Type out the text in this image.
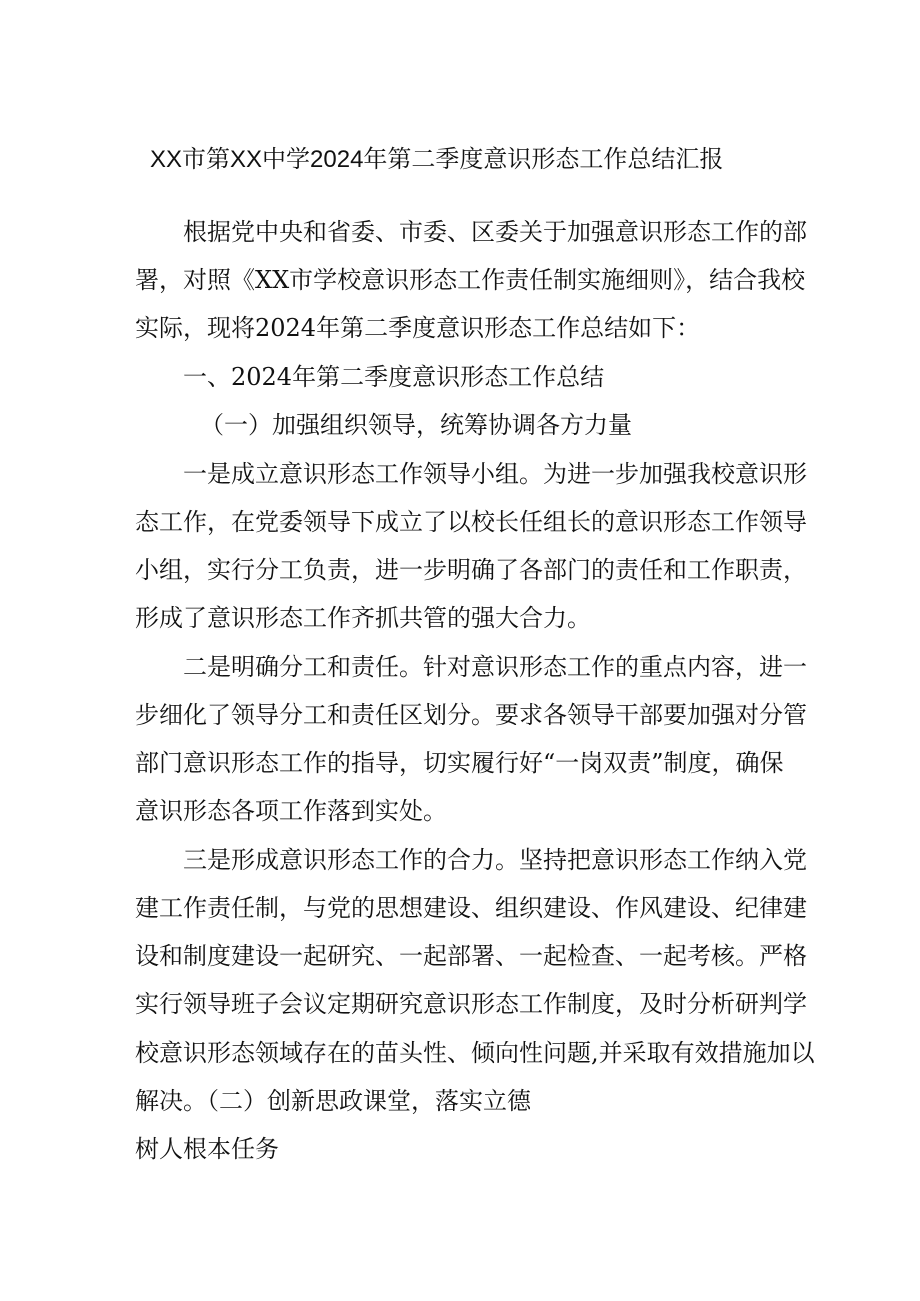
XX市第XX中学2024年第二季度意识形态工作总结汇报
根据党中央和省委、市委、区委关于加强意识形态工作的部
署，对照《XX市学校意识形态工作责任制实施细则》，结合我校
实际，现将2024年第二季度意识形态工作总结如下：
一、2024年第二季度意识形态工作总结
（一）加强组织领导，统筹协调各方力量
一是成立意识形态工作领导小组。为进一步加强我校意识形
态工作，在党委领导下成立了以校长任组长的意识形态工作领导
小组，实行分工负责，进一步明确了各部门的责任和工作职责，
形成了意识形态工作齐抓共管的强大合力。
二是明确分工和责任。针对意识形态工作的重点内容，进一
步细化了领导分工和责任区划分。要求各领导干部要加强对分管
部门意识形态工作的指导，切实履行好“一岗双责”制度，确保
意识形态各项工作落到实处。
三是形成意识形态工作的合力。坚持把意识形态工作纳入党
建工作责任制，与党的思想建设、组织建设、作风建设、纪律建
设和制度建设一起研究、一起部署、一起检查、一起考核。严格
实行领导班子会议定期研究意识形态工作制度，及时分析研判学
校意识形态领域存在的苗头性、倾向性问题,并采取有效措施加以
解决。（二）创新思政课堂，落实立德
树人根本任务
